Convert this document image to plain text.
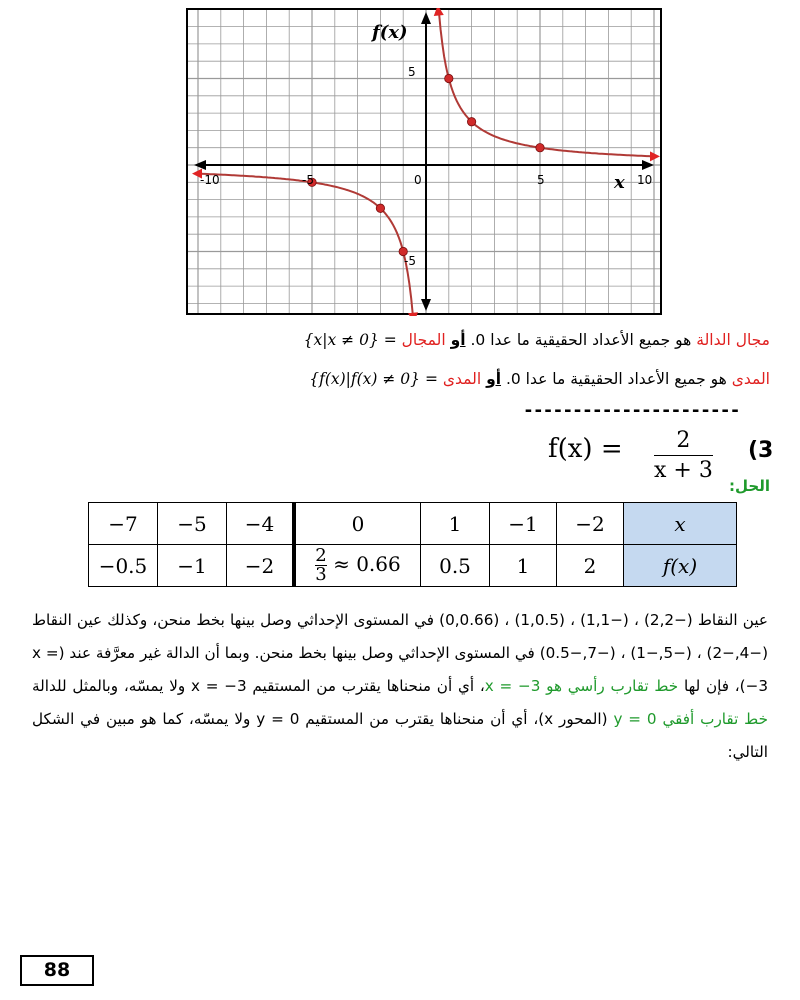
-10	-5	0	5	10
5
-5
f(x)
x
مجال الدالة هو جميع الأعداد الحقيقية ما عدا 0. أو المجال = {x|x ≠ 0}
المدى هو جميع الأعداد الحقيقية ما عدا 0. أو المدى = {f(x)|f(x) ≠ 0}
----------------------
$f(x) = \frac{2}{x + 3} (3$
الحل:
−7	−5	−4	0	1	−1	−2	x
−0.5	−1	−2	$\frac{2}{3} \approx 0.66$	0.5	1	2	f(x)
عين النقاط (−2,2) ، (−1,1) ، (1,0.5) ، (0,0.66) في المستوى الإحداثي وصل بينها بخط منحن، وكذلك عين النقاط (−4,−2) ، (−5,−1) ، (−7,−0.5) في المستوى الإحداثي وصل بينها بخط منحن. وبما أن الدالة غير معرَّفة عند (x = −3)، فإن لها خط تقارب رأسي هو x = −3، أي أن منحناها يقترب من المستقيم x = −3 ولا يمسّه، وبالمثل للدالة خط تقارب أفقي y = 0 (المحور x)، أي أن منحناها يقترب من المستقيم y = 0 ولا يمسّه، كما هو مبين في الشكل التالي:
88
